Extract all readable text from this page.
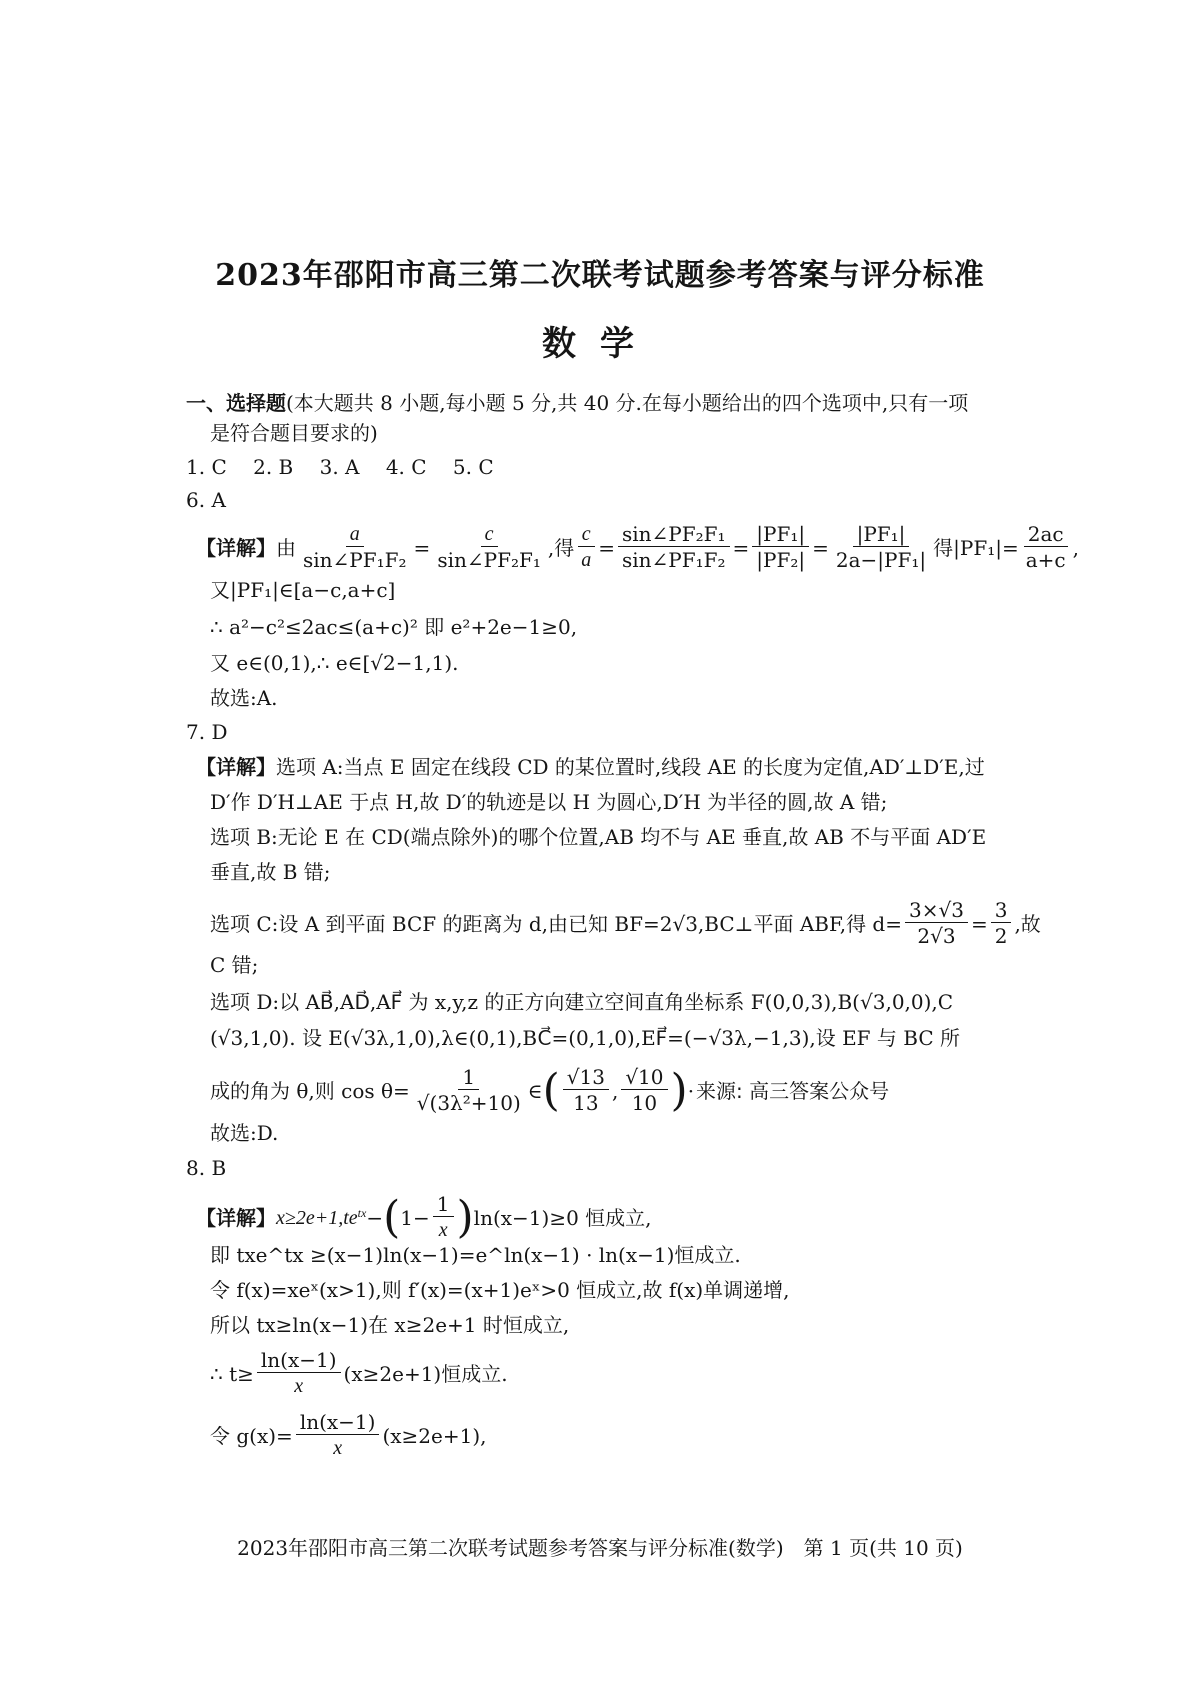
2023年邵阳市高三第二次联考试题参考答案与评分标准
数学
一、选择题(本大题共 8 小题,每小题 5 分,共 40 分.在每小题给出的四个选项中,只有一项
是符合题目要求的)
1. C　 2. B　 3. A　 4. C　 5. C
6. A
【详解】 由 $\frac{a}{\text{sin∠PF₁F₂}} = \frac{c}{\text{sin∠PF₂F₁}}$ ,得 $\frac{c}{a} = \frac{\text{sin∠PF₂F₁}}{\text{sin∠PF₁F₂}} = \frac{\text{|PF₁|}}{\text{|PF₂|}} = \frac{\text{|PF₁|}}{\text{2a−|PF₁|}}$ 得$|PF_1|= \frac{2ac}{a+c}$ ,
又|PF₁|∈[a−c,a+c]
∴ a²−c²≤2ac≤(a+c)² 即 e²+2e−1≥0,
又 e∈(0,1),∴ e∈[√2−1,1).
故选:A.
7. D
【详解】选项 A:当点 E 固定在线段 CD 的某位置时,线段 AE 的长度为定值,AD′⊥D′E,过
D′作 D′H⊥AE 于点 H,故 D′的轨迹是以 H 为圆心,D′H 为半径的圆,故 A 错;
选项 B:无论 E 在 CD(端点除外)的哪个位置,AB 均不与 AE 垂直,故 AB 不与平面 AD′E
垂直,故 B 错;
选项 C:设 A 到平面 BCF 的距离为 d,由已知 BF=2√3,BC⊥平面 ABF,得 $d= \frac{3\times√3}{2√3} = \frac{3}{2}$ ,故
C 错;
选项 D:以 AB⃗,AD⃗,AF⃗ 为 x,y,z 的正方向建立空间直角坐标系 F(0,0,3),B(√3,0,0),C
(√3,1,0). 设 E(√3λ,1,0),λ∈(0,1),BC⃗=(0,1,0),EF⃗=(−√3λ,−1,3),设 EF 与 BC 所
成的角为 θ,则 $\cos \theta= \frac{1}{\text{√(3λ²+10)}}$ ∈ ( $\frac{√13}{13}$ , $\frac{√10}{10}$ ) · 来源: 高三答案公众号
故选:D.
8. B
【详解】 $x\ge 2e+1,te^{tx}$ − ( $1- \frac{1}{x}$ ) ln(x−1)≥0 恒成立,
即 txe^tx ≥(x−1)ln(x−1)=e^ln(x−1) · ln(x−1)恒成立.
令 f(x)=xeˣ(x>1),则 f′(x)=(x+1)eˣ>0 恒成立,故 f(x)单调递增,
所以 tx≥ln(x−1)在 x≥2e+1 时恒成立,
∴ $t\ge \frac{\ln(x-1)}{x} (x\ge 2e+1)$恒成立.
令 $g(x)= \frac{\ln(x-1)}{x} (x\ge 2e+1)$,
2023年邵阳市高三第二次联考试题参考答案与评分标准(数学)　第 1 页(共 10 页)
